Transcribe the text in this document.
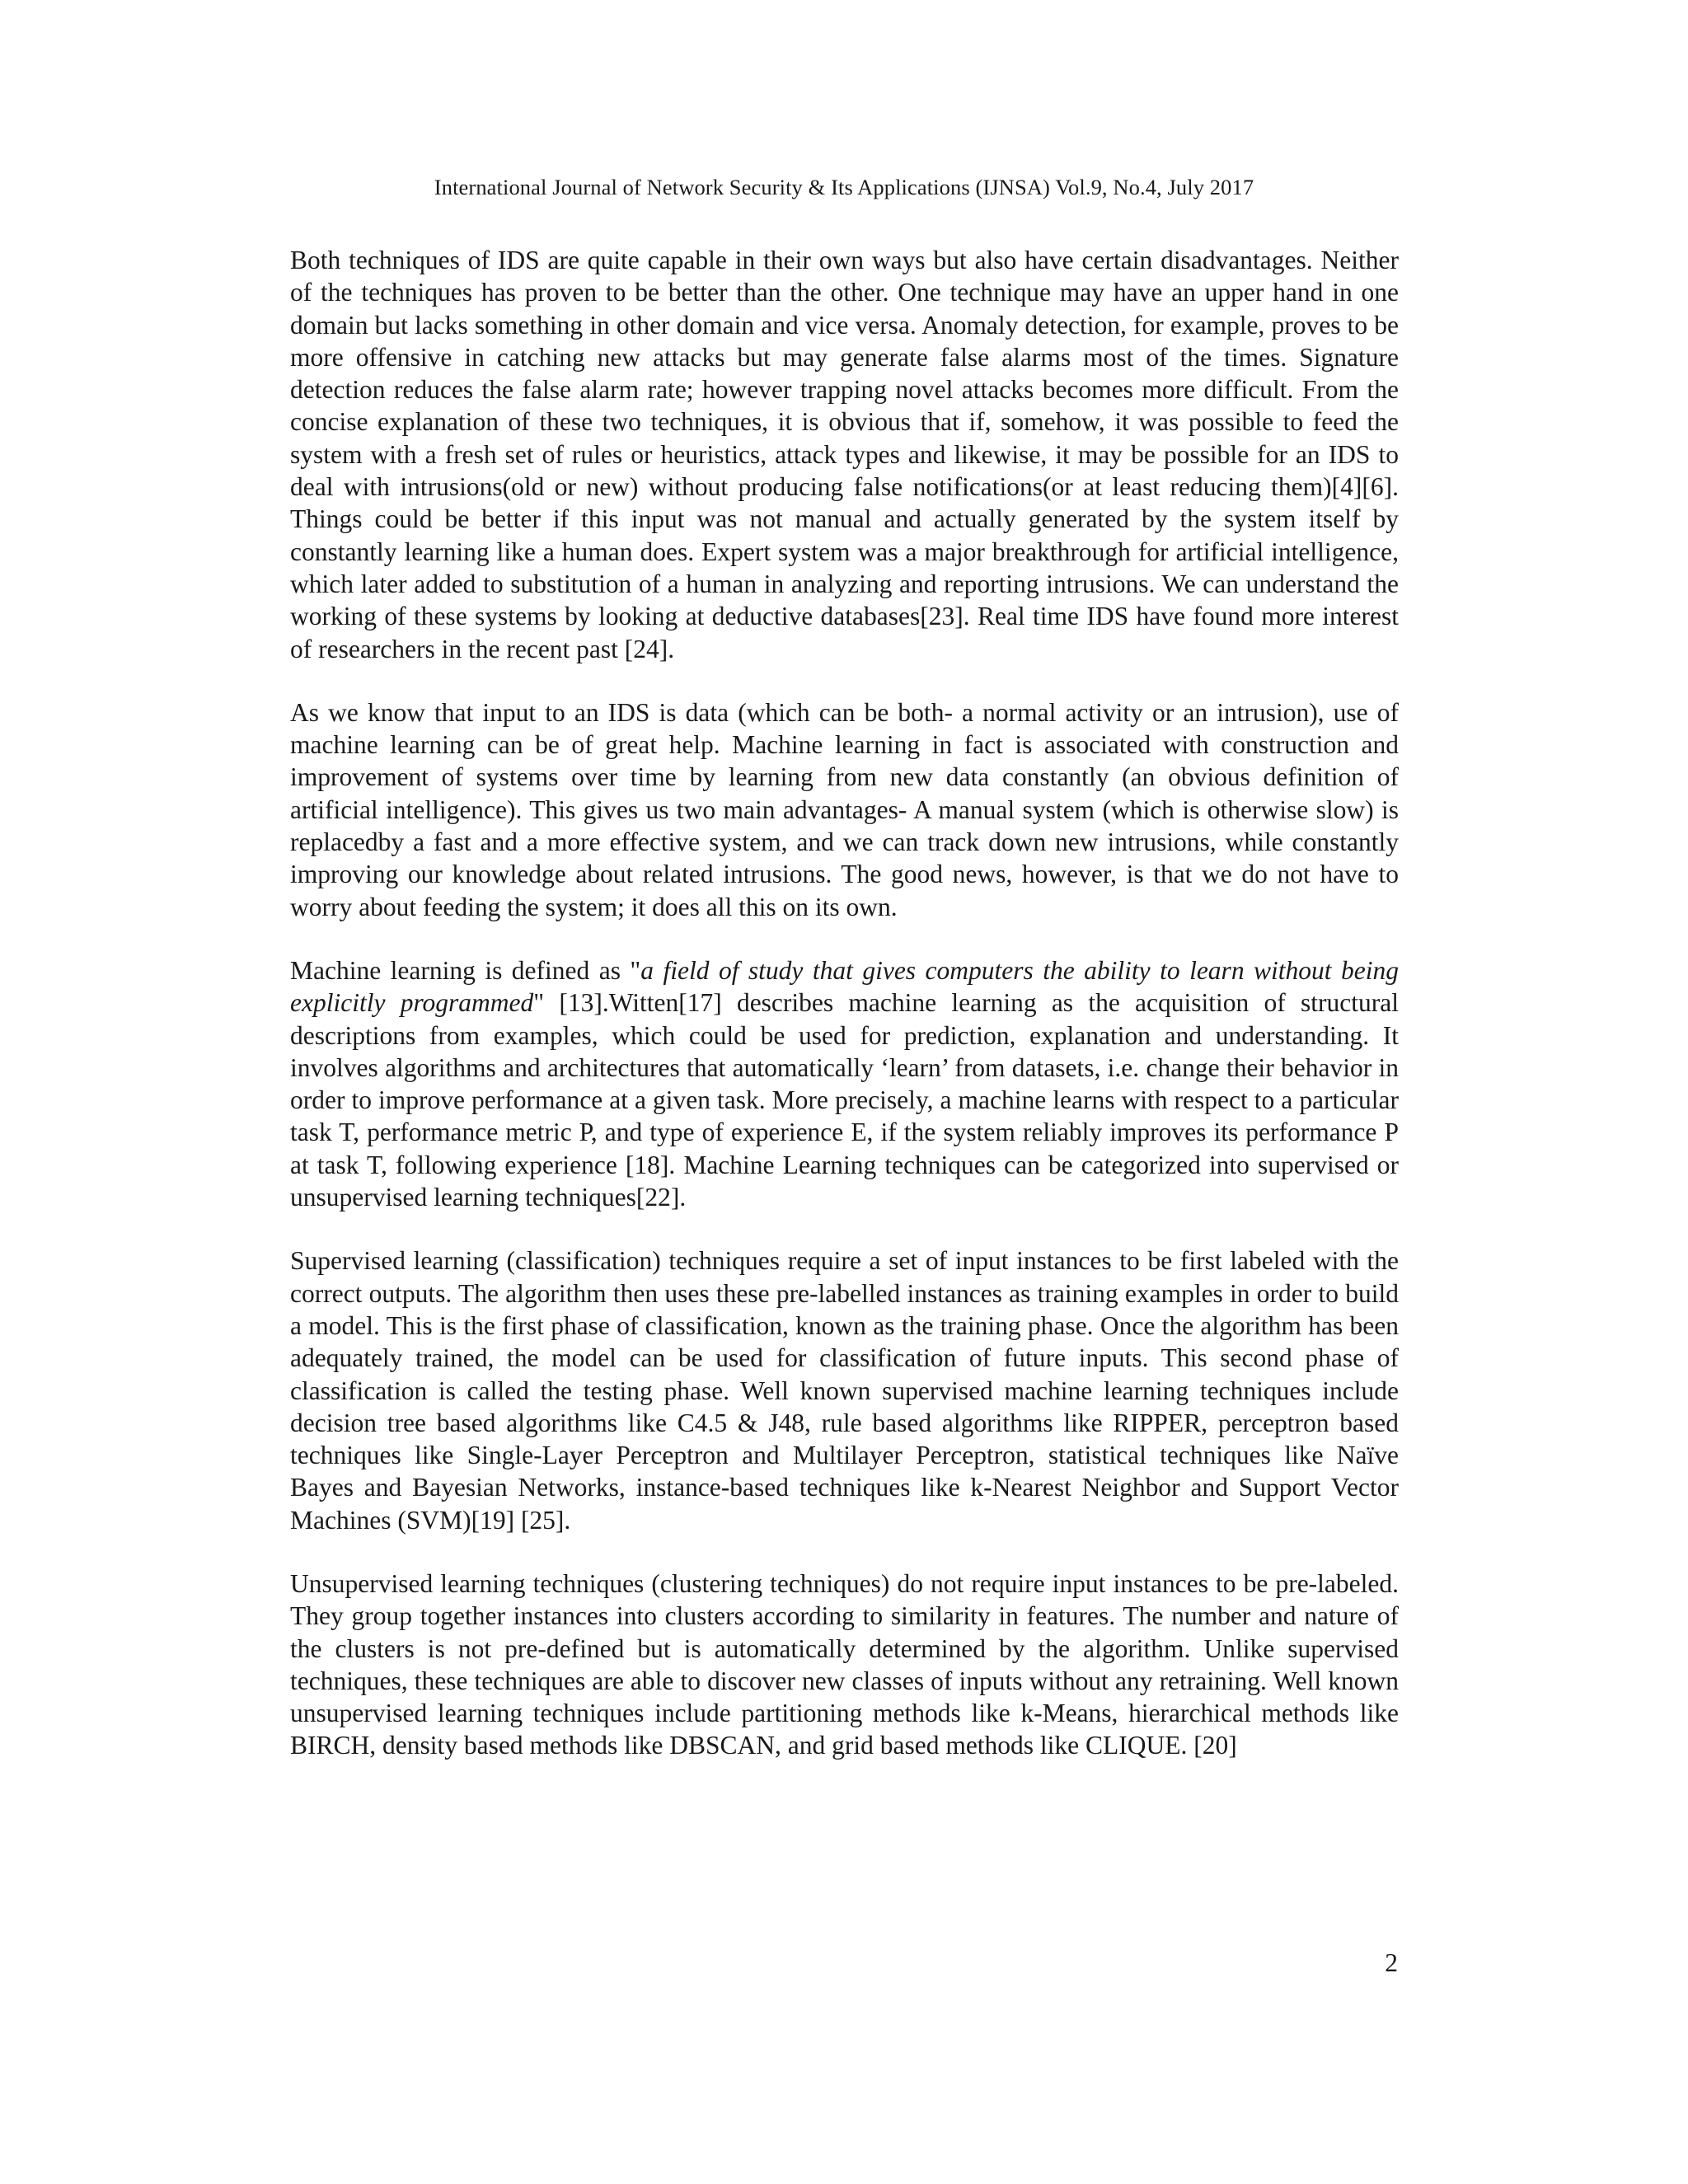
International Journal of Network Security & Its Applications (IJNSA) Vol.9, No.4, July 2017

Both techniques of IDS are quite capable in their own ways but also have certain disadvantages. Neither of the techniques has proven to be better than the other. One technique may have an upper hand in one domain but lacks something in other domain and vice versa. Anomaly detection, for example, proves to be more offensive in catching new attacks but may generate false alarms most of the times. Signature detection reduces the false alarm rate; however trapping novel attacks becomes more difficult. From the concise explanation of these two techniques, it is obvious that if, somehow, it was possible to feed the system with a fresh set of rules or heuristics, attack types and likewise, it may be possible for an IDS to deal with intrusions(old or new) without producing false notifications(or at least reducing them)[4][6]. Things could be better if this input was not manual and actually generated by the system itself by constantly learning like a human does. Expert system was a major breakthrough for artificial intelligence, which later added to substitution of a human in analyzing and reporting intrusions. We can understand the working of these systems by looking at deductive databases[23]. Real time IDS have found more interest of researchers in the recent past [24].

As we know that input to an IDS is data (which can be both- a normal activity or an intrusion), use of machine learning can be of great help. Machine learning in fact is associated with construction and improvement of systems over time by learning from new data constantly (an obvious definition of artificial intelligence). This gives us two main advantages- A manual system (which is otherwise slow) is replacedby a fast and a more effective system, and we can track down new intrusions, while constantly improving our knowledge about related intrusions. The good news, however, is that we do not have to worry about feeding the system; it does all this on its own.

Machine learning is defined as "a field of study that gives computers the ability to learn without being explicitly programmed" [13].Witten[17] describes machine learning as the acquisition of structural descriptions from examples, which could be used for prediction, explanation and understanding. It involves algorithms and architectures that automatically ‘learn’ from datasets, i.e. change their behavior in order to improve performance at a given task. More precisely, a machine learns with respect to a particular task T, performance metric P, and type of experience E, if the system reliably improves its performance P at task T, following experience [18]. Machine Learning techniques can be categorized into supervised or unsupervised learning techniques[22].

Supervised learning (classification) techniques require a set of input instances to be first labeled with the correct outputs. The algorithm then uses these pre-labelled instances as training examples in order to build a model. This is the first phase of classification, known as the training phase. Once the algorithm has been adequately trained, the model can be used for classification of future inputs. This second phase of classification is called the testing phase. Well known supervised machine learning techniques include decision tree based algorithms like C4.5 & J48, rule based algorithms like RIPPER, perceptron based techniques like Single-Layer Perceptron and Multilayer Perceptron, statistical techniques like Naïve Bayes and Bayesian Networks, instance-based techniques like k-Nearest Neighbor and Support Vector Machines (SVM)[19] [25].

Unsupervised learning techniques (clustering techniques) do not require input instances to be pre-labeled. They group together instances into clusters according to similarity in features. The number and nature of the clusters is not pre-defined but is automatically determined by the algorithm. Unlike supervised techniques, these techniques are able to discover new classes of inputs without any retraining. Well known unsupervised learning techniques include partitioning methods like k-Means, hierarchical methods like BIRCH, density based methods like DBSCAN, and grid based methods like CLIQUE. [20]

2
